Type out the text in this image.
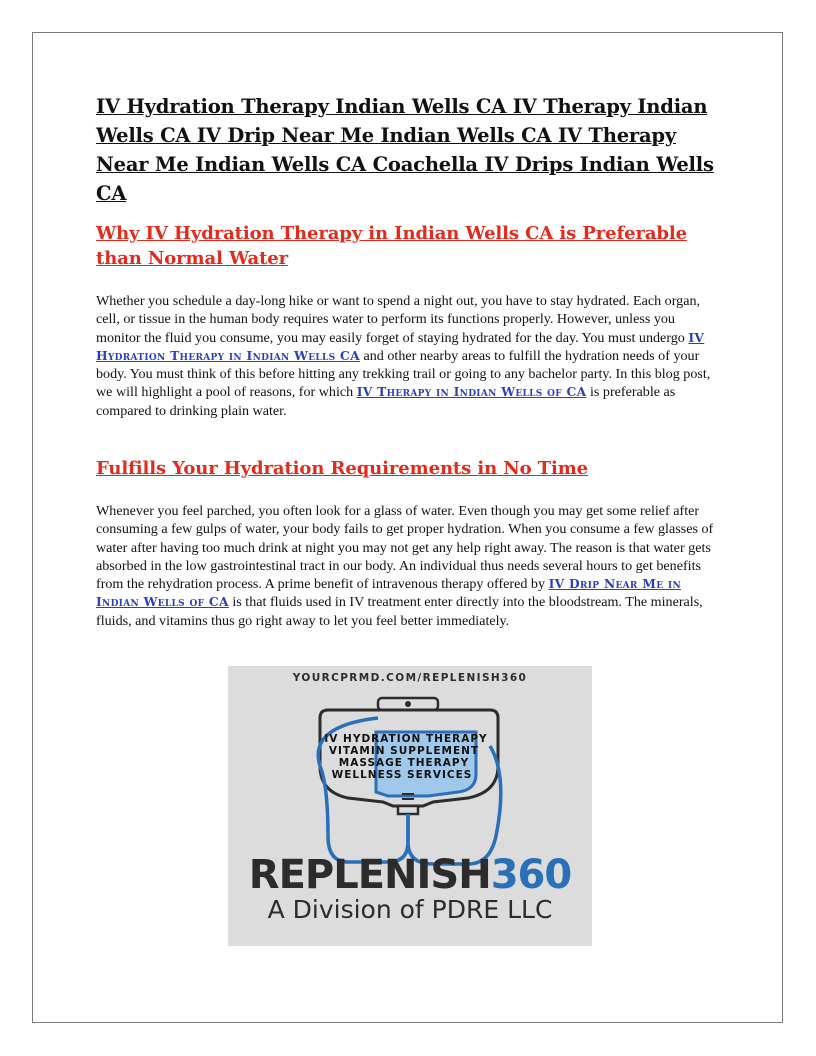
IV Hydration Therapy Indian Wells CA IV Therapy Indian Wells CA IV Drip Near Me Indian Wells CA IV Therapy Near Me Indian Wells CA Coachella IV Drips Indian Wells CA
Why IV Hydration Therapy in Indian Wells CA is Preferable than Normal Water

Whether you schedule a day-long hike or want to spend a night out, you have to stay hydrated. Each organ, cell, or tissue in the human body requires water to perform its functions properly. However, unless you monitor the fluid you consume, you may easily forget of staying hydrated for the day. You must undergo IV Hydration Therapy in Indian Wells CA and other nearby areas to fulfill the hydration needs of your body. You must think of this before hitting any trekking trail or going to any bachelor party. In this blog post, we will highlight a pool of reasons, for which IV Therapy in Indian Wells of CA is preferable as compared to drinking plain water.

Fulfills Your Hydration Requirements in No Time

Whenever you feel parched, you often look for a glass of water. Even though you may get some relief after consuming a few gulps of water, your body fails to get proper hydration. When you consume a few glasses of water after having too much drink at night you may not get any help right away. The reason is that water gets absorbed in the low gastrointestinal tract in our body. An individual thus needs several hours to get benefits from the rehydration process. A prime benefit of intravenous therapy offered by IV Drip Near Me in Indian Wells of CA is that fluids used in IV treatment enter directly into the bloodstream. The minerals, fluids, and vitamins thus go right away to let you feel better immediately.

YOURCPRMD.COM/REPLENISH360
IV HYDRATION THERAPY
VITAMIN SUPPLEMENT
MASSAGE THERAPY
WELLNESS SERVICES
REPLENISH360
A Division of PDRE LLC
